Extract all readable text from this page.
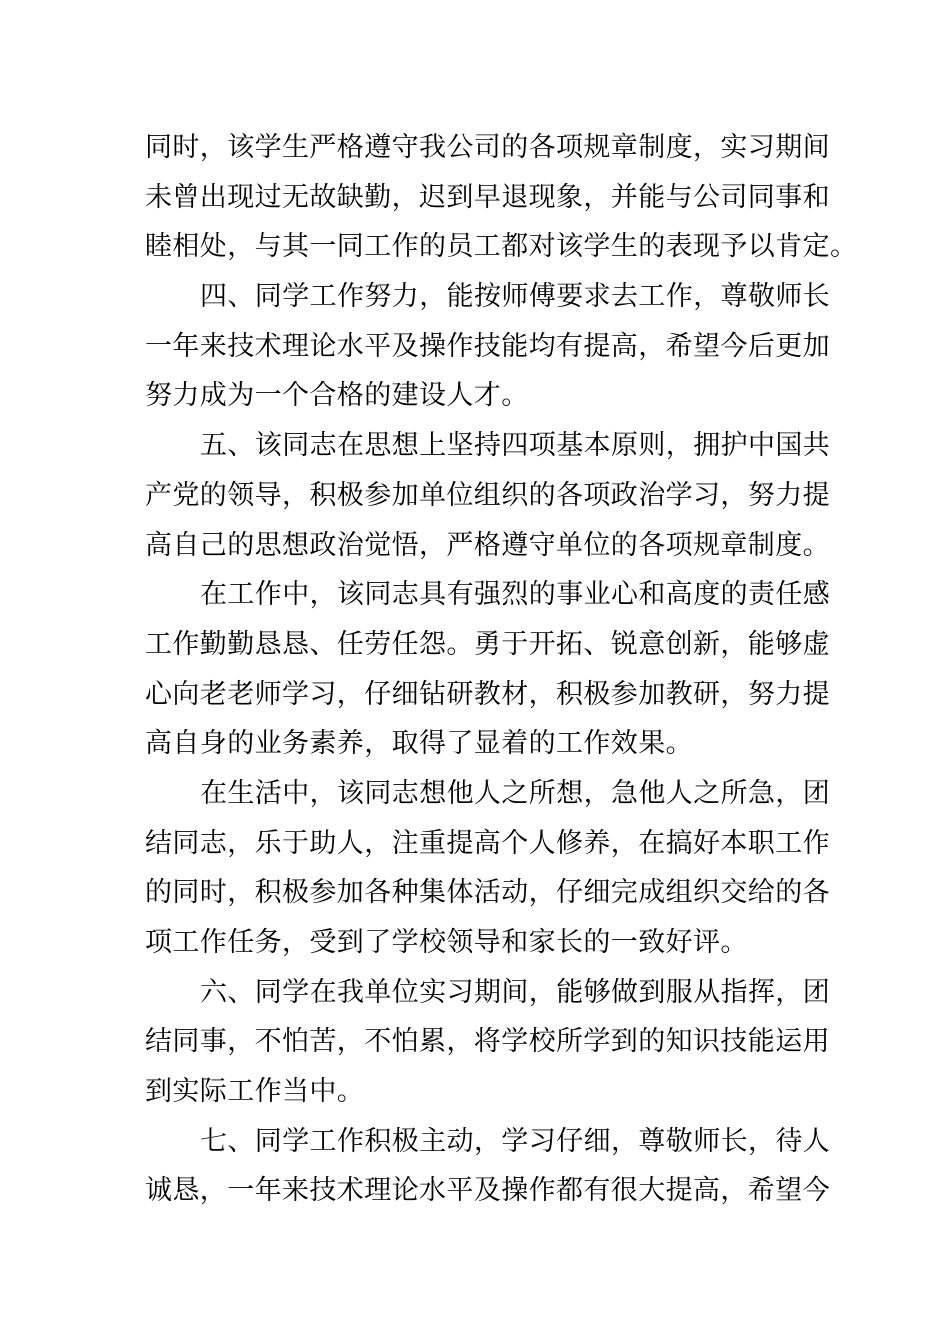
同时，该学生严格遵守我公司的各项规章制度，实习期间
未曾出现过无故缺勤，迟到早退现象，并能与公司同事和
睦相处，与其一同工作的员工都对该学生的表现予以肯定。
四、同学工作努力，能按师傅要求去工作，尊敬师长
一年来技术理论水平及操作技能均有提高，希望今后更加
努力成为一个合格的建设人才。
五、该同志在思想上坚持四项基本原则，拥护中国共
产党的领导，积极参加单位组织的各项政治学习，努力提
高自己的思想政治觉悟，严格遵守单位的各项规章制度。
在工作中，该同志具有强烈的事业心和高度的责任感
工作勤勤恳恳、任劳任怨。勇于开拓、锐意创新，能够虚
心向老老师学习，仔细钻研教材，积极参加教研，努力提
高自身的业务素养，取得了显着的工作效果。
在生活中，该同志想他人之所想，急他人之所急，团
结同志，乐于助人，注重提高个人修养，在搞好本职工作
的同时，积极参加各种集体活动，仔细完成组织交给的各
项工作任务，受到了学校领导和家长的一致好评。
六、同学在我单位实习期间，能够做到服从指挥，团
结同事，不怕苦，不怕累，将学校所学到的知识技能运用
到实际工作当中。
七、同学工作积极主动，学习仔细，尊敬师长，待人
诚恳，一年来技术理论水平及操作都有很大提高，希望今
